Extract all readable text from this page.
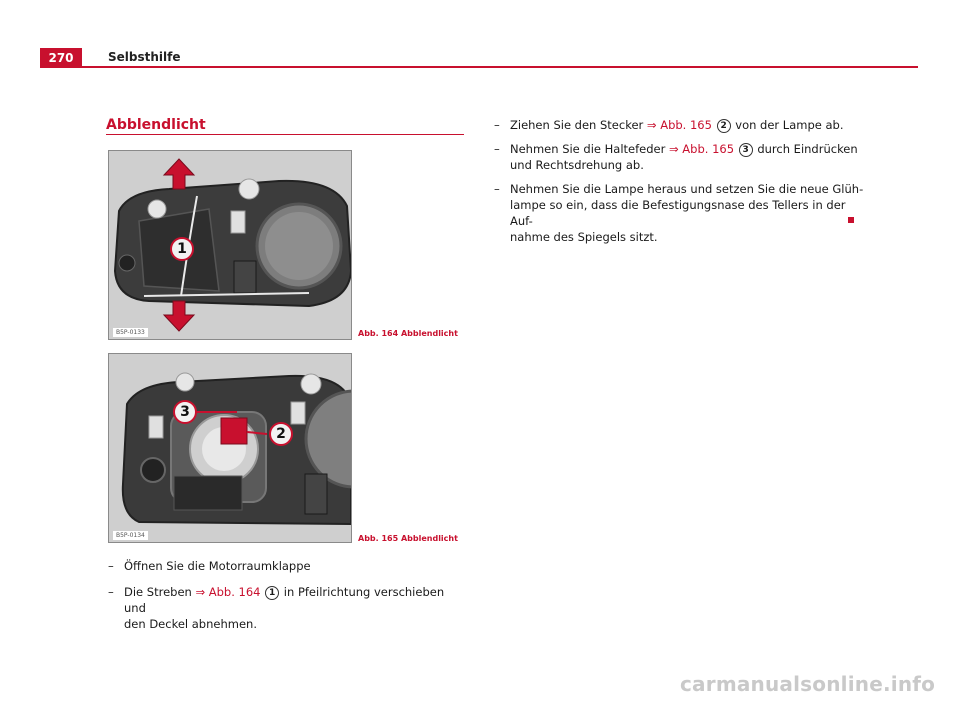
270	Selbsthilfe
Abblendlicht
1
B5P-0133	Abb. 164 Abblendlicht
3
2
B5P-0134	Abb. 165 Abblendlicht
– Öffnen Sie die Motorraumklappe
– Die Streben ⇒ Abb. 164 1 in Pfeilrichtung verschieben und
den Deckel abnehmen.
– Ziehen Sie den Stecker ⇒ Abb. 165 2 von der Lampe ab.
– Nehmen Sie die Haltefeder ⇒ Abb. 165 3 durch Eindrücken
und Rechtsdrehung ab.
– Nehmen Sie die Lampe heraus und setzen Sie die neue Glüh-
lampe so ein, dass die Befestigungsnase des Tellers in der Auf-
nahme des Spiegels sitzt.
carmanualsonline.info
